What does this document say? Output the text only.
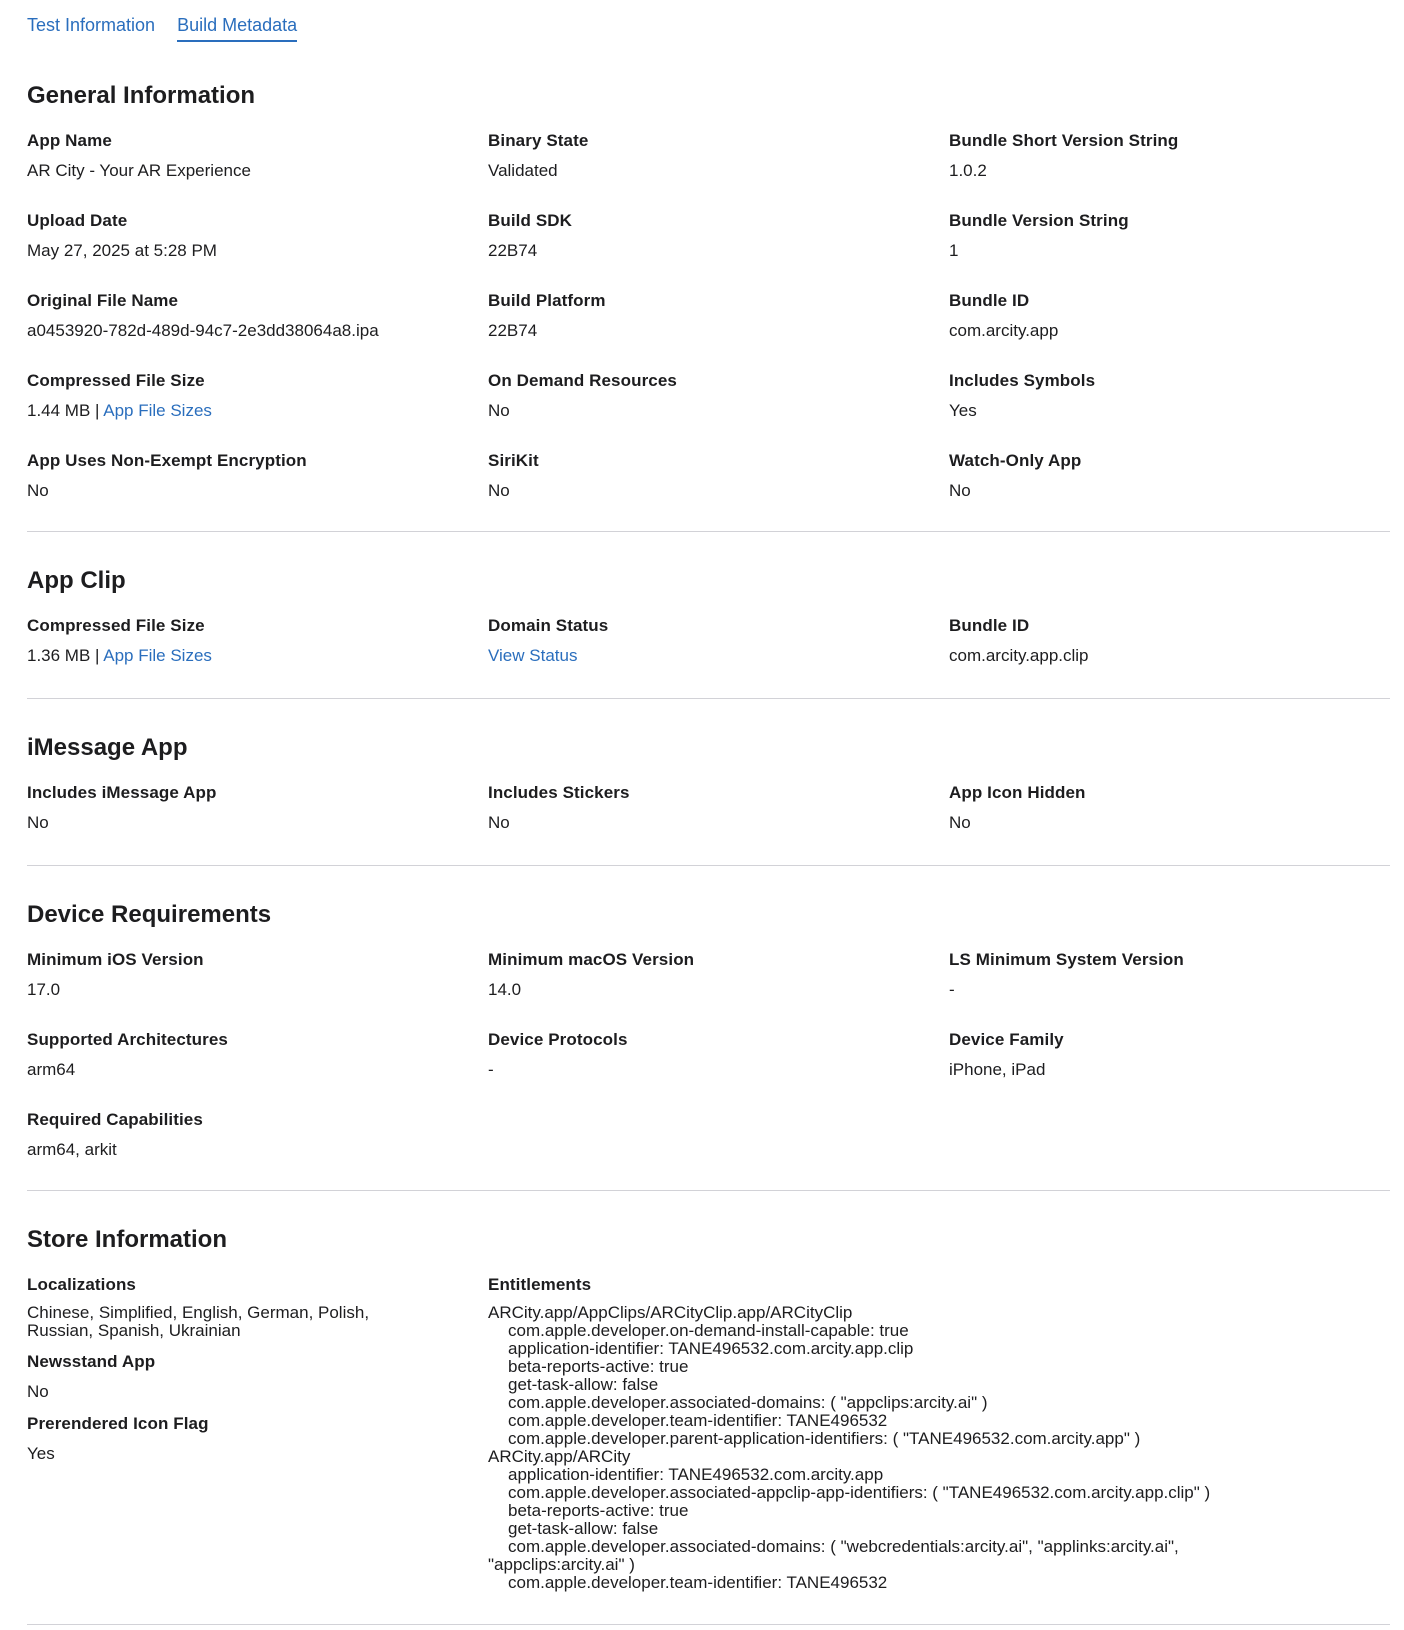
Test Information Build Metadata
General Information
App Name
AR City - Your AR Experience
Binary State
Validated
Bundle Short Version String
1.0.2
Upload Date
May 27, 2025 at 5:28 PM
Build SDK
22B74
Bundle Version String
1
Original File Name
a0453920-782d-489d-94c7-2e3dd38064a8.ipa
Build Platform
22B74
Bundle ID
com.arcity.app
Compressed File Size
1.44 MB | App File Sizes
On Demand Resources
No
Includes Symbols
Yes
App Uses Non-Exempt Encryption
No
SiriKit
No
Watch-Only App
No
App Clip
Compressed File Size
1.36 MB | App File Sizes
Domain Status
View Status
Bundle ID
com.arcity.app.clip
iMessage App
Includes iMessage App
No
Includes Stickers
No
App Icon Hidden
No
Device Requirements
Minimum iOS Version
17.0
Minimum macOS Version
14.0
LS Minimum System Version
-
Supported Architectures
arm64
Device Protocols
-
Device Family
iPhone, iPad
Required Capabilities
arm64, arkit
Store Information
Localizations
Chinese, Simplified, English, German, Polish, Russian, Spanish, Ukrainian
Newsstand App
No
Prerendered Icon Flag
Yes
Entitlements
ARCity.app/AppClips/ARCityClip.app/ARCityClip
com.apple.developer.on-demand-install-capable: true
application-identifier: TANE496532.com.arcity.app.clip
beta-reports-active: true
get-task-allow: false
com.apple.developer.associated-domains: ( "appclips:arcity.ai" )
com.apple.developer.team-identifier: TANE496532
com.apple.developer.parent-application-identifiers: ( "TANE496532.com.arcity.app" )
ARCity.app/ARCity
application-identifier: TANE496532.com.arcity.app
com.apple.developer.associated-appclip-app-identifiers: ( "TANE496532.com.arcity.app.clip" )
beta-reports-active: true
get-task-allow: false
com.apple.developer.associated-domains: ( "webcredentials:arcity.ai", "applinks:arcity.ai",
"appclips:arcity.ai" )
com.apple.developer.team-identifier: TANE496532
